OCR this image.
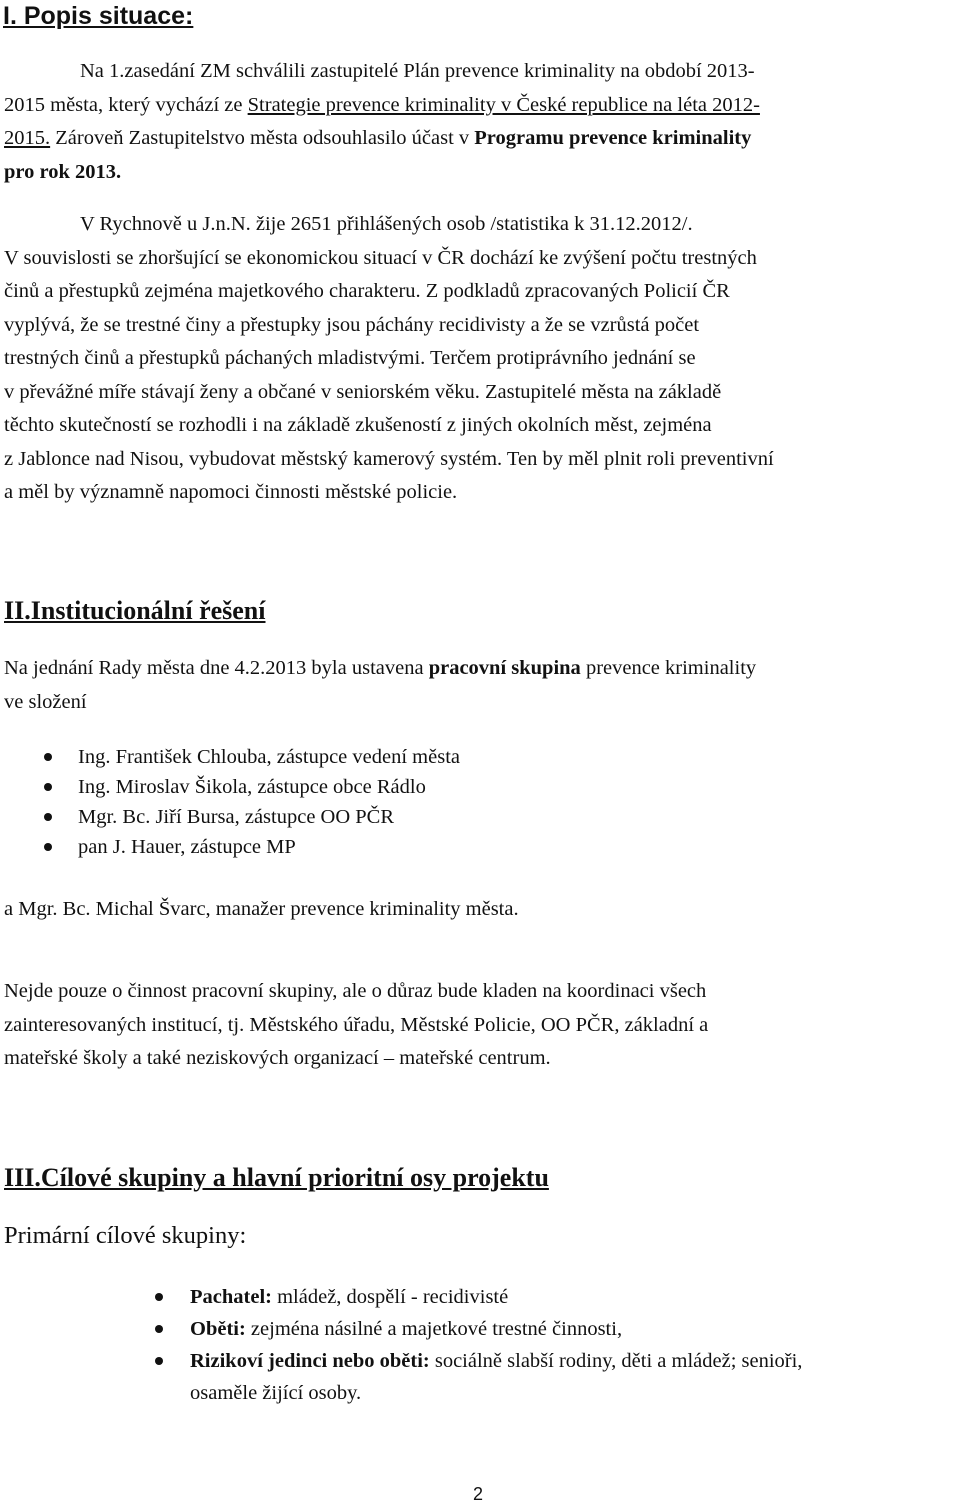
I. Popis situace:
Na 1.zasedání ZM schválili zastupitelé Plán prevence kriminality na období 2013-
2015 města, který vychází ze Strategie prevence kriminality v České republice na léta 2012-
2015. Zároveň Zastupitelstvo města odsouhlasilo účast v Programu prevence kriminality
pro rok 2013.
V Rychnově u J.n.N. žije 2651 přihlášených osob /statistika k 31.12.2012/.
V souvislosti se zhoršující se ekonomickou situací v ČR dochází ke zvýšení počtu trestných
činů a přestupků zejména majetkového charakteru. Z podkladů zpracovaných Policií ČR
vyplývá, že se trestné činy a přestupky jsou páchány recidivisty a že se vzrůstá počet
trestných činů a přestupků páchaných mladistvými. Terčem protiprávního jednání se
v převážné míře stávají ženy a občané v seniorském věku. Zastupitelé města na základě
těchto skutečností se rozhodli i na základě zkušeností z jiných okolních měst, zejména
z Jablonce nad Nisou, vybudovat městský kamerový systém. Ten by měl plnit roli preventivní
a měl by významně napomoci činnosti městské policie.
II.Institucionální řešení
Na jednání Rady města dne 4.2.2013 byla ustavena pracovní skupina prevence kriminality
ve složení
Ing. František Chlouba, zástupce vedení města
Ing. Miroslav Šikola, zástupce obce Rádlo
Mgr. Bc. Jiří Bursa, zástupce OO PČR
pan J. Hauer, zástupce MP
a Mgr. Bc. Michal Švarc, manažer prevence kriminality města.
Nejde pouze o činnost pracovní skupiny, ale o důraz bude kladen na koordinaci všech
zainteresovaných institucí, tj. Městského úřadu, Městské Policie, OO PČR, základní a
mateřské školy a také neziskových organizací – mateřské centrum.
III.Cílové skupiny a hlavní prioritní osy projektu
Primární cílové skupiny:
Pachatel: mládež, dospělí - recidivisté
Oběti: zejména násilné a majetkové trestné činnosti,
Rizikoví jedinci nebo oběti: sociálně slabší rodiny, děti a mládež; senioři,
osaměle žijící osoby.
2
